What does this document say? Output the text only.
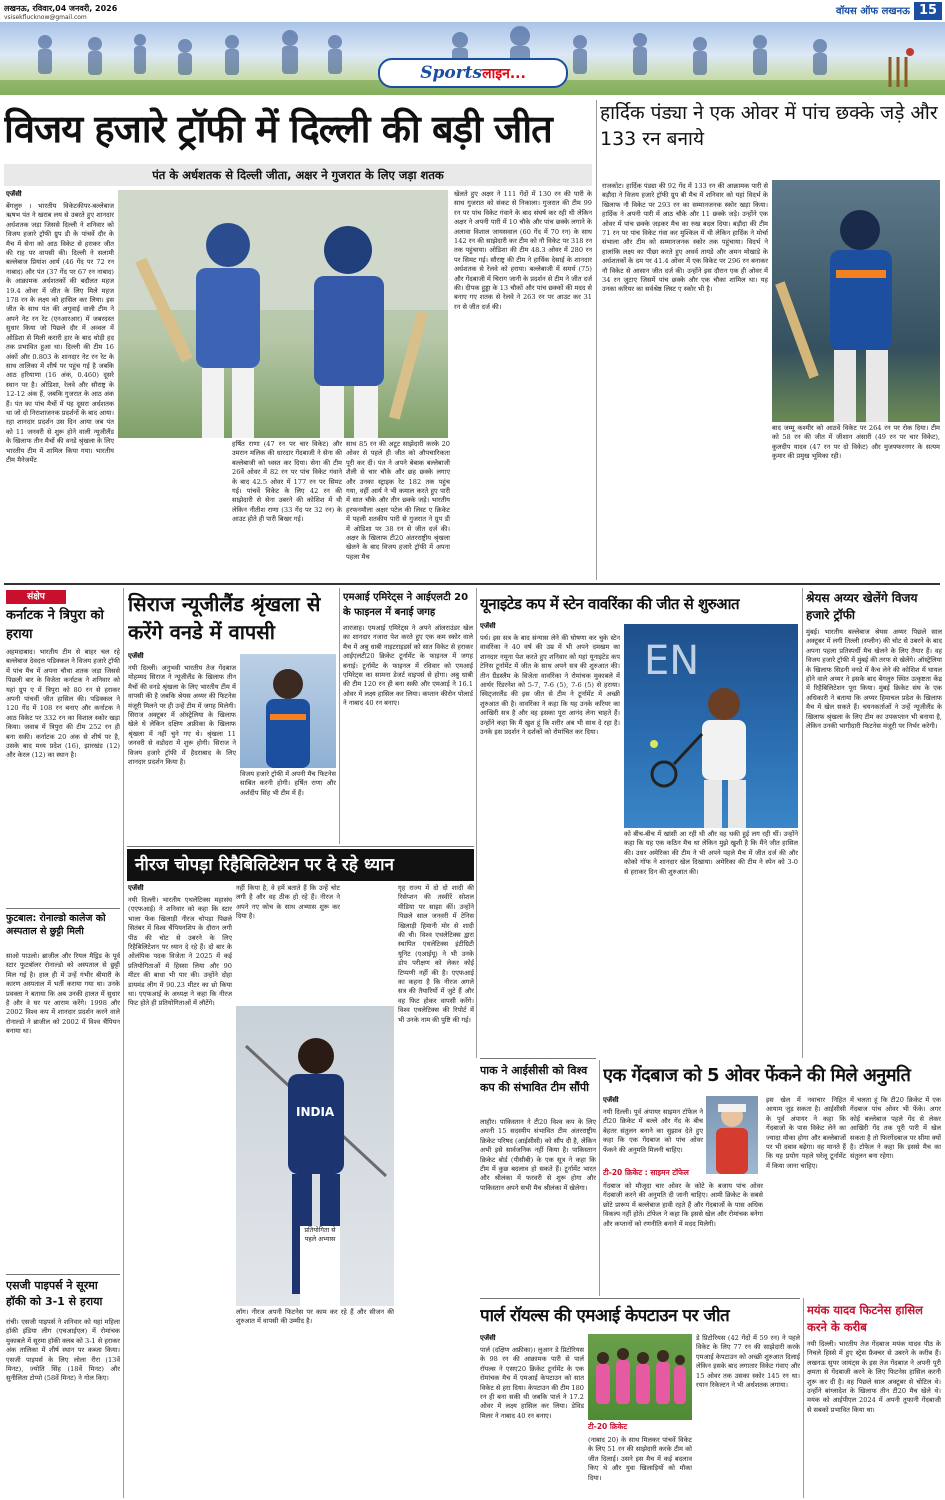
लखनऊ, रविवार,04 जनवरी, 2026
vsisekflucknow@gmail.com
वॉयस ऑफ लखनऊ 15
Sportsलाइन...
विजय हजारे ट्रॉफी में दिल्ली की बड़ी जीत
पंत के अर्धशतक से दिल्ली जीता, अक्षर ने गुजरात के लिए जड़ा शतक
एजेंसी
बेंगलुरु । भारतीय विकेटकीपर-बल्लेबाज ऋषभ पंत ने खराब लय से उबरते हुए शानदार अर्धशतक जड़ा जिससे दिल्ली ने शनिवार को विजय हजारे ट्रॉफी ग्रुप डी के पांचवें दौर के मैच में सेना को आठ विकेट से हराकर जीत की राह पर वापसी की। दिल्ली ने सलामी बल्लेबाज प्रियांश आर्य (46 गेंद पर 72 रन नाबाद) और पंत (37 गेंद पर 67 रन नाबाद) के आक्रामक अर्धशतकों की बदौलत महज 19.4 ओवर में जीत के लिए मिले महज 178 रन के लक्ष्य को हासिल कर लिया। इस जीत के साथ पंत की अगुवाई वाली टीम ने अपने नेट रन रेट (एनआरआर) में जबरदस्त सुधार किया जो पिछले दौर में अव्वल में ओडिशा से मिली करारी हार के बाद थोड़ी हद तक प्रभावित हुआ था। दिल्ली की टीम 16 अंकों और 0.803 के शानदार नेट रन रेट के साथ तालिका में शीर्ष पर पहुंच गई है जबकि आठ हरियाणा (16 अंक, 0.460) दूसरे स्थान पर है। ओडिशा, रेलवे और सौराष्ट्र के 12-12 अंक हैं, जबकि गुजरात के आठ अंक हैं। पंत का पांच मैचों में यह दूसरा अर्धशतक था जो दो निराशाजनक प्रदर्शनों के बाद आया। रहा शानदार प्रदर्शन उस दिन आया जब पंत को 11 जनवरी से शुरू होने वाली न्यूजीलैंड के खिलाफ तीन मैचों की वनडे श्रृंखला के लिए भारतीय टीम में शामिल किया गया। भारतीय टीम मैनेजमेंट
हर्षित राणा (47 रन पर चार विकेट) और उमरान मलिक की धारदार गेंदबाजी ने सेना की बल्लेबाजी को ध्वस्त कर दिया। सेना की टीम 26वें ओवर में 82 रन पर पांच विकेट गंवाने के बाद 42.5 ओवर में 177 रन पर सिमट गई। पांचवें विकेट के लिए 42 रन की साझेदारी से सेना उबरने की कोशिश में थी लेकिन नीतीश राणा (33 गेंद पर 32 रन) के आउट होते ही पारी बिखर गई।
साथ 85 रन की अटूट साझेदारी करके 20 ओवर से पहले ही जीत को औपचारिकता पूरी कर दी। पंत ने अपने बेबाक बल्लेबाजी शैली से चार चौके और छह छक्के लगाए और उनका स्ट्राइक रेट 182 तक पहुंच गया, वहीं आर्य ने भी कमाल करते हुए पारी में सात चौके और तीन छक्के जड़े। भारतीय हरफनमौला अक्षर पटेल की लिस्ट ए क्रिकेट में पहली शतकीय पारी से गुजरात ने ग्रुप डी में ओडिशा पर 38 रन से जीत दर्ज की। अक्षर के खिलाफ टी20 अंतरराष्ट्रीय श्रृंखला खेलने के बाद विजय हजारे ट्रॉफी में अपना पहला मैच
खेलते हुए अक्षर ने 111 गेंदों में 130 रन की पारी के साथ गुजरात को संकट से निकाला। गुजरात की टीम 99 रन पर पांच विकेट गंवाने के बाद संघर्ष कर रही थी लेकिन अक्षर ने अपनी पारी में 10 चौके और पांच छक्के लगाने के अलावा विशाल जायसवाल (60 गेंद में 70 रन) के साथ 142 रन की साझेदारी कर टीम को नौ विकेट पर 318 रन तक पहुंचाया। ओडिशा की टीम 48.3 ओवर में 280 रन पर सिमट गई। सौराष्ट्र की टीम ने हार्विक देसाई के शानदार अर्धशतक से रेलवे को हराया। बल्लेबाजी में समर्थ (75) और गेंदबाजी में चिराग जानी के प्रदर्शन से टीम ने जीत दर्ज की। दीपक हुड्डा के 13 चौकों और पांच छक्कों की मदद से बनाए गए शतक से रेलवे ने 263 रन पर आउट कर 31 रन से जीत दर्ज की।
हार्दिक पंड्या ने एक ओवर में पांच छक्के जड़े और 133 रन बनाये
राजकोट। हार्दिक पंड्या की 92 गेंद में 133 रन की आक्रामक पारी से बड़ौदा ने विजय हजारे ट्रॉफी ग्रुप बी मैच में शनिवार को यहां विदर्भ के खिलाफ नौ विकेट पर 293 रन का सम्मानजनक स्कोर खड़ा किया। हार्दिक ने अपनी पारी में आठ चौके और 11 छक्के जड़े। उन्होंने एक ओवर में पांच छक्के जड़कर मैच का रुख बदल दिया। बड़ौदा की टीम 71 रन पर पांच विकेट गंवा कर मुश्किल में थी लेकिन हार्दिक ने मोर्चा संभाला और टीम को सम्मानजनक स्कोर तक पहुंचाया। विदर्भ ने हालांकि लक्ष्य का पीछा करते हुए अथर्व तायडे और अमन मोखाडे के अर्धशतकों के दम पर 41.4 ओवर में एक विकेट पर 296 रन बनाकर नौ विकेट से आसान जीत दर्ज की। उन्होंने इस दौरान एक ही ओवर में 34 रन जुटाए जिसमें पांच छक्के और एक चौका शामिल था। यह उनका करियर का सर्वश्रेष्ठ लिस्ट ए स्कोर भी है।
बाद जम्मू कश्मीर को आठवें विकेट पर 264 रन पर रोक दिया। टीम को 58 रन की जीत में जीशान अंसारी (49 रन पर चार विकेट), कुलदीप यादव (47 रन पर दो विकेट) और मुजफ्फरनगर के सत्यम कुमार की प्रमुख भूमिका रही।
संक्षेप
कर्नाटक ने त्रिपुरा को हराया
अहमदाबाद। भारतीय टीम से बाहर चल रहे बल्लेबाज देवदत्त पडिक्कल ने विजय हजारे ट्रॉफी में पांच मैच में अपना चौथा शतक जड़ा जिससे पिछली बार के विजेता कर्नाटक ने शनिवार को यहां ग्रुप ए में त्रिपुरा को 80 रन से हराकर अपनी पांचवीं जीत हासिल की। पडिक्कल ने 120 गेंद में 108 रन बनाए और कर्नाटक ने आठ विकेट पर 332 रन का विशाल स्कोर खड़ा किया। जवाब में त्रिपुरा की टीम 252 रन ही बना सकी। कर्नाटक 20 अंक से शीर्ष पर है, उसके बाद मध्य प्रदेश (16), झारखंड (12) और केरल (12) का स्थान है।
फुटबाल: रोनाल्डो कालेज को अस्पताल से छुट्टी मिली
साओ पाउलो। ब्राजील और रियल मैड्रिड के पूर्व स्टार फुटबॉलर रोनाल्डो को अस्पताल से छुट्टी मिल गई है। हाल ही में उन्हें गंभीर बीमारी के कारण अस्पताल में भर्ती कराया गया था। उनके प्रवक्ता ने बताया कि अब उनकी हालत में सुधार है और वे घर पर आराम करेंगे। 1998 और 2002 विश्व कप में शानदार प्रदर्शन करने वाले रोनाल्डो ने ब्राजील को 2002 में विश्व चैंपियन बनाया था।
एसजी पाइपर्स ने सूरमा हॉकी को 3-1 से हराया
रांची। एसजी पाइपर्स ने शनिवार को यहां महिला हॉकी इंडिया लीग (एचआईएल) में रोमांचक मुकाबले में सूरमा हॉकी क्लब को 3-1 से हराकर अंक तालिका में शीर्ष स्थान पर कब्जा किया। एसजी पाइपर्स के लिए लोला रीरा (13वें मिनट), ज्योति सिंह (18वें मिनट) और सुनीलिता टोप्पो (58वें मिनट) ने गोल किए।
सिराज न्यूजीलैंड श्रृंखला से करेंगे वनडे में वापसी
एजेंसी
नयी दिल्ली। अनुभवी भारतीय तेज गेंदबाज मोहम्मद सिराज ने न्यूजीलैंड के खिलाफ तीन मैचों की वनडे श्रृंखला के लिए भारतीय टीम में वापसी की है जबकि श्रेयस अय्यर की फिटनेस मंजूरी मिलने पर ही उन्हें टीम में जगह मिलेगी। सिराज अक्टूबर में ऑस्ट्रेलिया के खिलाफ खेले थे लेकिन दक्षिण अफ्रीका के खिलाफ श्रृंखला में नहीं चुने गए थे। श्रृंखला 11 जनवरी से वडोदरा में शुरू होगी। सिराज ने विजय हजारे ट्रॉफी में हैदराबाद के लिए शानदार प्रदर्शन किया है।
विजय हजारे ट्रॉफी में अपनी मैच फिटनेस साबित करनी होगी। हर्षित राणा और अर्शदीप सिंह भी टीम में हैं।
एमआई एमिरेट्स ने आईएलटी 20 के फाइनल में बनाई जगह
शारजाह। एमआई एमिरेट्स ने अपने ऑलराउंडर खेल का शानदार नजारा पेश करते हुए एक कम स्कोर वाले मैच में अबु धाबी नाइटराइडर्स को सात विकेट से हराकर आईएलटी20 क्रिकेट टूर्नामेंट के फाइनल में जगह बनाई। टूर्नामेंट के फाइनल में रविवार को एमआई एमिरेट्स का सामना डेजर्ट वाइपर्स से होगा। अबु धाबी की टीम 120 रन ही बना सकी और एमआई ने 16.1 ओवर में लक्ष्य हासिल कर लिया। कप्तान कीरोन पोलार्ड ने नाबाद 40 रन बनाए।
यूनाइटेड कप में स्टेन वावरिंका की जीत से शुरुआत
एजेंसी
पर्थ। इस सत्र के बाद संन्यास लेने की घोषणा कर चुके स्टेन वावरिंका ने 40 वर्ष की उम्र में भी अपने दमखम का शानदार नमूना पेश करते हुए शनिवार को यहां यूनाइटेड कप टेनिस टूर्नामेंट में जीत के साथ अपने सत्र की शुरुआत की। तीन ग्रैंडस्लैम के विजेता वावरिंका ने रोमांचक मुकाबले में आर्थर रिंडरनेश को 5-7, 7-6 (5), 7-6 (5) से हराया। स्विट्जरलैंड की इस जीत से टीम ने टूर्नामेंट में अच्छी शुरुआत की है। वावरिंका ने कहा कि यह उनके करियर का आखिरी सत्र है और वह इसका पूरा आनंद लेना चाहते हैं। उन्होंने कहा कि मैं खुश हूं कि शरीर अब भी साथ दे रहा है। उनके इस प्रदर्शन ने दर्शकों को रोमांचित कर दिया।
EN
को बीच-बीच में खांसी आ रही थी और वह थकी हुई लग रही थीं। उन्होंने कहा कि यह एक कठिन मैच था लेकिन मुझे खुशी है कि मैंने जीत हासिल की। उधर अमेरिका की टीम ने भी अपने पहले मैच में जीत दर्ज की और कोको गॉफ ने शानदार खेल दिखाया। अमेरिका की टीम ने स्पेन को 3-0 से हराकर दिन की शुरुआत की।
श्रेयस अय्यर खेलेंगे विजय हजारे ट्रॉफी
मुंबई। भारतीय बल्लेबाज श्रेयस अय्यर पिछले साल अक्टूबर में लगी तिल्ली (स्प्लीन) की चोट से उबरने के बाद अपना पहला प्रतिस्पर्धी मैच खेलने के लिए तैयार हैं। वह विजय हजारे ट्रॉफी में मुंबई की तरफ से खेलेंगे। ऑस्ट्रेलिया के खिलाफ सिडनी वनडे में कैच लेने की कोशिश में घायल होने वाले अय्यर ने इसके बाद बेंगलुरु स्थित उत्कृष्टता केंद्र में रिहैबिलिटेशन पूरा किया। मुंबई क्रिकेट संघ के एक अधिकारी ने बताया कि अय्यर हिमाचल प्रदेश के खिलाफ मैच में खेल सकते हैं। चयनकर्ताओं ने उन्हें न्यूजीलैंड के खिलाफ श्रृंखला के लिए टीम का उपकप्तान भी बनाया है, लेकिन उनकी भागीदारी फिटनेस मंजूरी पर निर्भर करेगी।
नीरज चोपड़ा रिहैबिलिटेशन पर दे रहे ध्यान
एजेंसी
नयी दिल्ली। भारतीय एथलेटिक्स महासंघ (एएफआई) ने शनिवार को कहा कि स्टार भाला फेंक खिलाड़ी नीरज चोपड़ा पिछले सितंबर में विश्व चैंपियनशिप के दौरान लगी पीठ की चोट से उबरने के लिए रिहैबिलिटेशन पर ध्यान दे रहे हैं। दो बार के ओलंपिक पदक विजेता ने 2025 में कई प्रतियोगिताओं में हिस्सा लिया और 90 मीटर की बाधा भी पार की। उन्होंने दोहा डायमंड लीग में 90.23 मीटर का थ्रो किया था। एएफआई के अध्यक्ष ने कहा कि नीरज फिट होते ही प्रतियोगिताओं में लौटेंगे।
नहीं किया है, वे हमें बताते हैं कि उन्हें चोट लगी है और वह ठीक हो रहे हैं। नीरज ने अपने नए कोच के साथ अभ्यास शुरू कर दिया है।
INDIA
प्रतियोगिता से पहले अभ्यास
लॉग। नीरज अपनी फिटनेस पर काम कर रहे हैं और सीजन की शुरुआत में वापसी की उम्मीद है।
गृह राज्य में दो दो शादी की रिसेप्शन की तस्वीरें सोशल मीडिया पर साझा कीं। उन्होंने पिछले साल जनवरी में टेनिस खिलाड़ी हिमानी मोर से शादी की थी। विश्व एथलेटिक्स द्वारा स्थापित एथलेटिक्स इंटीग्रिटी यूनिट (एआईयू) ने भी उनके डोप परीक्षण को लेकर कोई टिप्पणी नहीं की है। एएफआई का कहना है कि नीरज अगले सत्र की तैयारियों में जुटे हैं और वह फिट होकर वापसी करेंगे। विश्व एथलेटिक्स की रिपोर्ट में भी उनके नाम की पुष्टि की गई।
पाक ने आईसीसी को विश्व कप की संभावित टीम सौंपी
लाहौर। पाकिस्तान ने टी20 विश्व कप के लिए अपनी 15 सदस्यीय संभावित टीम अंतरराष्ट्रीय क्रिकेट परिषद (आईसीसी) को सौंप दी है, लेकिन अभी इसे सार्वजनिक नहीं किया है। पाकिस्तान क्रिकेट बोर्ड (पीसीबी) के एक सूत्र ने कहा कि टीम में कुछ बदलाव हो सकते हैं। टूर्नामेंट भारत और श्रीलंका में फरवरी से शुरू होगा और पाकिस्तान अपने सभी मैच श्रीलंका में खेलेगा।
एक गेंदबाज को 5 ओवर फेंकने की मिले अनुमति
एजेंसी
नयी दिल्ली। पूर्व अंपायर साइमन टॉफेल ने टी20 क्रिकेट में बल्ले और गेंद के बीच बेहतर संतुलन बनाने का सुझाव देते हुए कहा कि एक गेंदबाज को पांच ओवर फेंकने की अनुमति मिलनी चाहिए।
टी-20 क्रिकेट : साइमन टॉफेल
गेंदबाज को मौजूदा चार ओवर के कोटे के बजाय पांच ओवर गेंदबाजी करने की अनुमति दी जानी चाहिए। आमी क्रिकेट के सबसे छोटे प्रारूप में बल्लेबाज हावी रहते हैं और गेंदबाजों के पास अधिक विकल्प नहीं होते। टॉफेल ने कहा कि इससे खेल और रोमांचक बनेगा और कप्तानों को रणनीति बनाने में मदद मिलेगी।
इस खेल में नवाचार निहित आयाम जुड़ सकता है। आईसीसी के पूर्व अंपायर ने कहा कि गेंदबाजों के पास विकेट लेने का ज्यादा मौका होगा और बल्लेबाजों पर भी दबाव बढ़ेगा। वह मानते हैं कि यह प्रयोग पहले घरेलू टूर्नामेंट में किया जाना चाहिए।
में चलता हूं कि टी20 क्रिकेट में एक गेंदबाज पांच ओवर भी फेंके। अगर कोई बल्लेबाज पहले गेंद से लेकर आखिरी गेंद तक पूरी पारी में खेल सकता है तो फिरगेंदबाज पर सीमा क्यों है। टॉफेल ने कहा कि इससे मैच का संतुलन बना रहेगा।
पार्ल रॉयल्स की एमआई केपटाउन पर जीत
एजेंसी
पार्ल (दक्षिण अफ्रीका)। लुआन डे प्रिटोरियस के 98 रन की आक्रामक पारी से पार्ल रॉयल्स ने एसए20 क्रिकेट टूर्नामेंट के एक रोमांचक मैच में एमआई केपटाउन को सात विकेट से हरा दिया। केपटाउन की टीम 180 रन ही बना सकी थी जबकि पार्ल ने 17.2 ओवर में लक्ष्य हासिल कर लिया। डेविड मिलर ने नाबाद 40 रन बनाए।
टी-20 क्रिकेट
(नाबाद 20) के साथ मिलकर पांचवें विकेट के लिए 51 रन की साझेदारी करके टीम को जीत दिलाई। उसने इस मैच में कई बदलाव किए थे और युवा खिलाड़ियों को मौका दिया।
डे प्रिटोरियस (42 गेंदों में 59 रन) ने पहले विकेट के लिए 77 रन की साझेदारी करके एमआई केपटाउन को अच्छी शुरुआत दिलाई लेकिन इसके बाद लगातार विकेट गंवाए और 15 ओवर तक उसका स्कोर 145 रन था। रयान रिकेल्टन ने भी अर्धशतक लगाया।
मयंक यादव फिटनेस हासिल करने के करीब
नयी दिल्ली। भारतीय तेज गेंदबाज मयंक यादव पीठ के निचले हिस्से में हुए स्ट्रेस फ्रैक्चर से उबरने के करीब हैं। लखनऊ सुपर जायंट्स के इस तेज गेंदबाज ने अपनी पूरी क्षमता से गेंदबाजी करने के लिए फिटनेस हासिल करनी शुरू कर दी है। वह पिछले साल अक्टूबर से चोटिल थे। उन्होंने बांग्लादेश के खिलाफ तीन टी20 मैच खेले थे। मयंक को आईपीएल 2024 में अपनी तूफानी गेंदबाजी से सबको प्रभावित किया था।
